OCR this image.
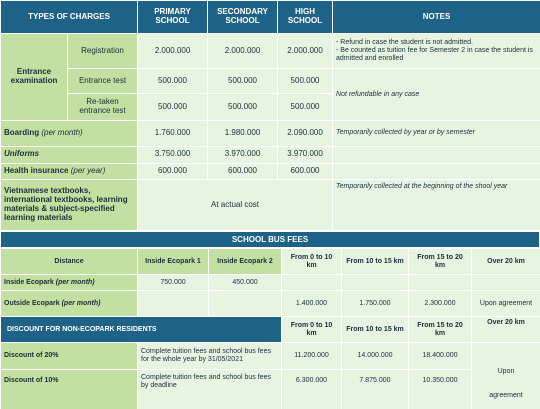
TYPES OF CHARGES		PRIMARY SCHOOL	SECONDARY SCHOOL	HIGH SCHOOL	NOTES
Entrance examination	Registration	2.000.000	2.000.000	2.000.000	- Refund in case the student is not admitted.
- Be counted as tuition fee for Semester 2 in case the student is admitted and enrolled

	Entrance test	500.000	500.000	500.000	Not refundable in any case
	Re-taken entrance test	500.000	500.000	500.000	
Boarding (per month)		1.760.000	1.980.000	2.090.000	Temporarily collected by year or by semester
Uniforms		3.750.000	3.970.000	3.970.000	
Health insurance (per year)		600.000	600.000	600.000	
Vietnamese textbooks, international textbooks, learning materials & subject-specified learning materials		At actual cost			Temporarily collected at the beginning of the shool year
SCHOOL BUS FEES
Distance	Inside Ecopark 1	Inside Ecopark 2	From 0 to 10 km	From 10 to 15 km	From 15 to 20 km	Over 20 km
Inside Ecopark (per month)	750.000	450.000				
Outside Ecopark (per month)			1.400.000	1.750.000	2.300.000	Upon agreement
DISCOUNT FOR NON-ECOPARK RESIDENTS			From 0 to 10 km	From 10 to 15 km	From 15 to 20 km	Over 20 km
Discount of 20%	Complete tuition fees and school bus fees for the whole year by 31/05/2021		11.200.000	14.000.000	18.400.000	Upon
agreement

Discount of 10%	Complete tuition fees and school bus fees by deadline		6.300.000	7.875.000	10.350.000	
